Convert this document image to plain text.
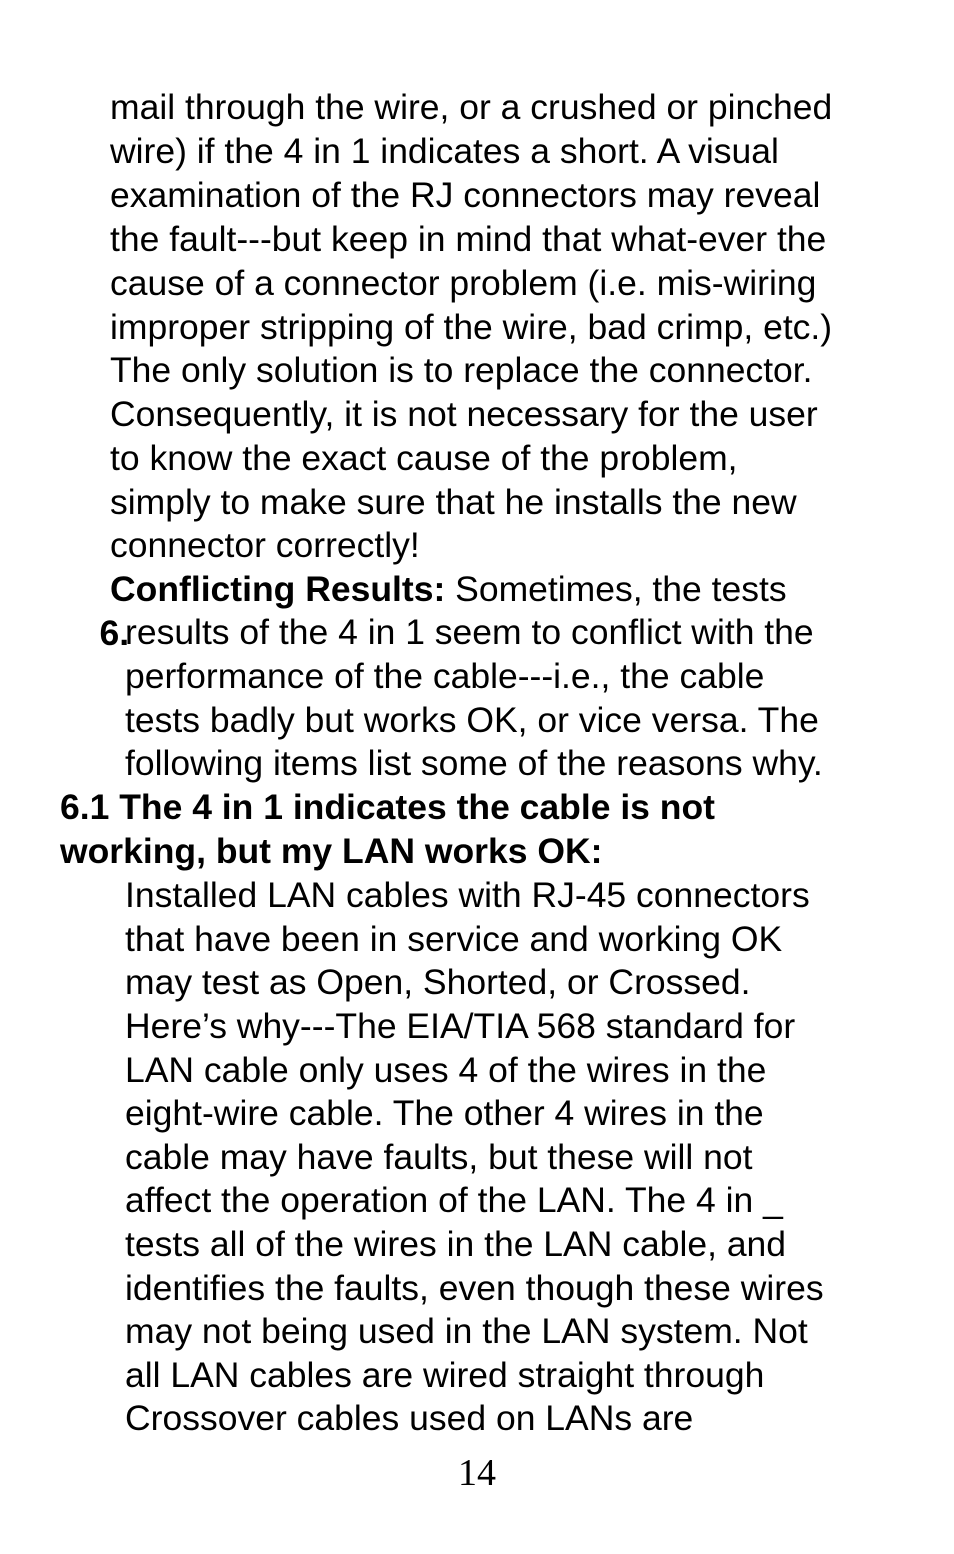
mail through the wire, or a crushed or pinched
wire) if the 4 in 1 indicates a short. A visual
examination of the RJ connectors may reveal
the fault---but keep in mind that what-ever the
cause of a connector problem (i.e. mis-wiring
improper stripping of the wire, bad crimp, etc.)
The only solution is to replace the connector.
Consequently, it is not necessary for the user
to know the exact cause of the problem,
simply to make sure that he installs the new
connector correctly!

6.

Conflicting Results: Sometimes, the tests
results of the 4 in 1 seem to conflict with the
performance of the cable---i.e., the cable
tests badly but works OK, or vice versa. The
following items list some of the reasons why.
6.1 The 4 in 1 indicates the cable is not
working, but my LAN works OK:
Installed LAN cables with RJ-45 connectors
that have been in service and working OK
may test as Open, Shorted, or Crossed.
Here’s why---The EIA/TIA 568 standard for
LAN cable only uses 4 of the wires in the
eight-wire cable. The other 4 wires in the
cable may have faults, but these will not
affect the operation of the LAN. The 4 in _
tests all of the wires in the LAN cable, and
identifies the faults, even though these wires
may not being used in the LAN system. Not
all LAN cables are wired straight through
Crossover cables used on LANs are
14
